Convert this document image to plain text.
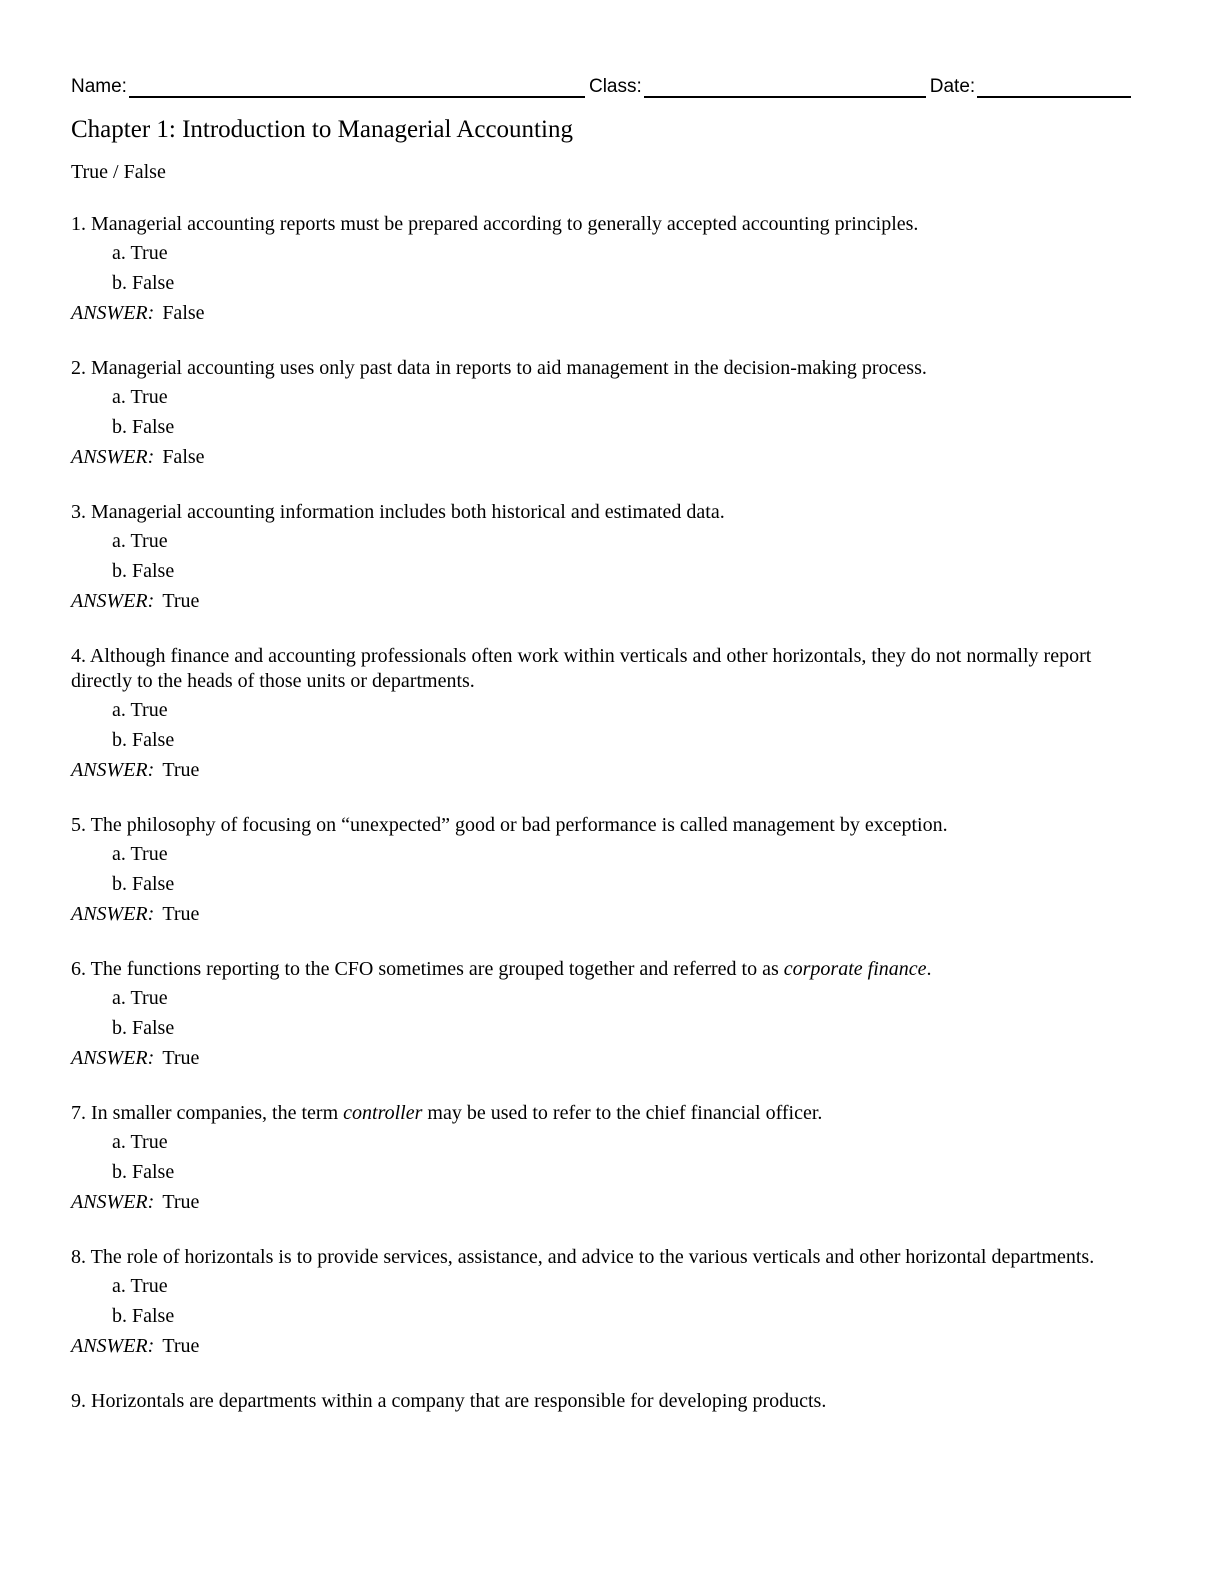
Name:	Class:	Date:
Chapter 1: Introduction to Managerial Accounting
True / False

1. Managerial accounting reports must be prepared according to generally accepted accounting principles.

a. True
b. False
ANSWER: False

2. Managerial accounting uses only past data in reports to aid management in the decision-making process.

a. True
b. False
ANSWER: False

3. Managerial accounting information includes both historical and estimated data.

a. True
b. False
ANSWER: True

4. Although finance and accounting professionals often work within verticals and other horizontals, they do not normally report directly to the heads of those units or departments.

a. True
b. False
ANSWER: True

5. The philosophy of focusing on “unexpected” good or bad performance is called management by exception.

a. True
b. False
ANSWER: True

6. The functions reporting to the CFO sometimes are grouped together and referred to as corporate finance.

a. True
b. False
ANSWER: True

7. In smaller companies, the term controller may be used to refer to the chief financial officer.

a. True
b. False
ANSWER: True

8. The role of horizontals is to provide services, assistance, and advice to the various verticals and other horizontal departments.

a. True
b. False
ANSWER: True

9. Horizontals are departments within a company that are responsible for developing products.
